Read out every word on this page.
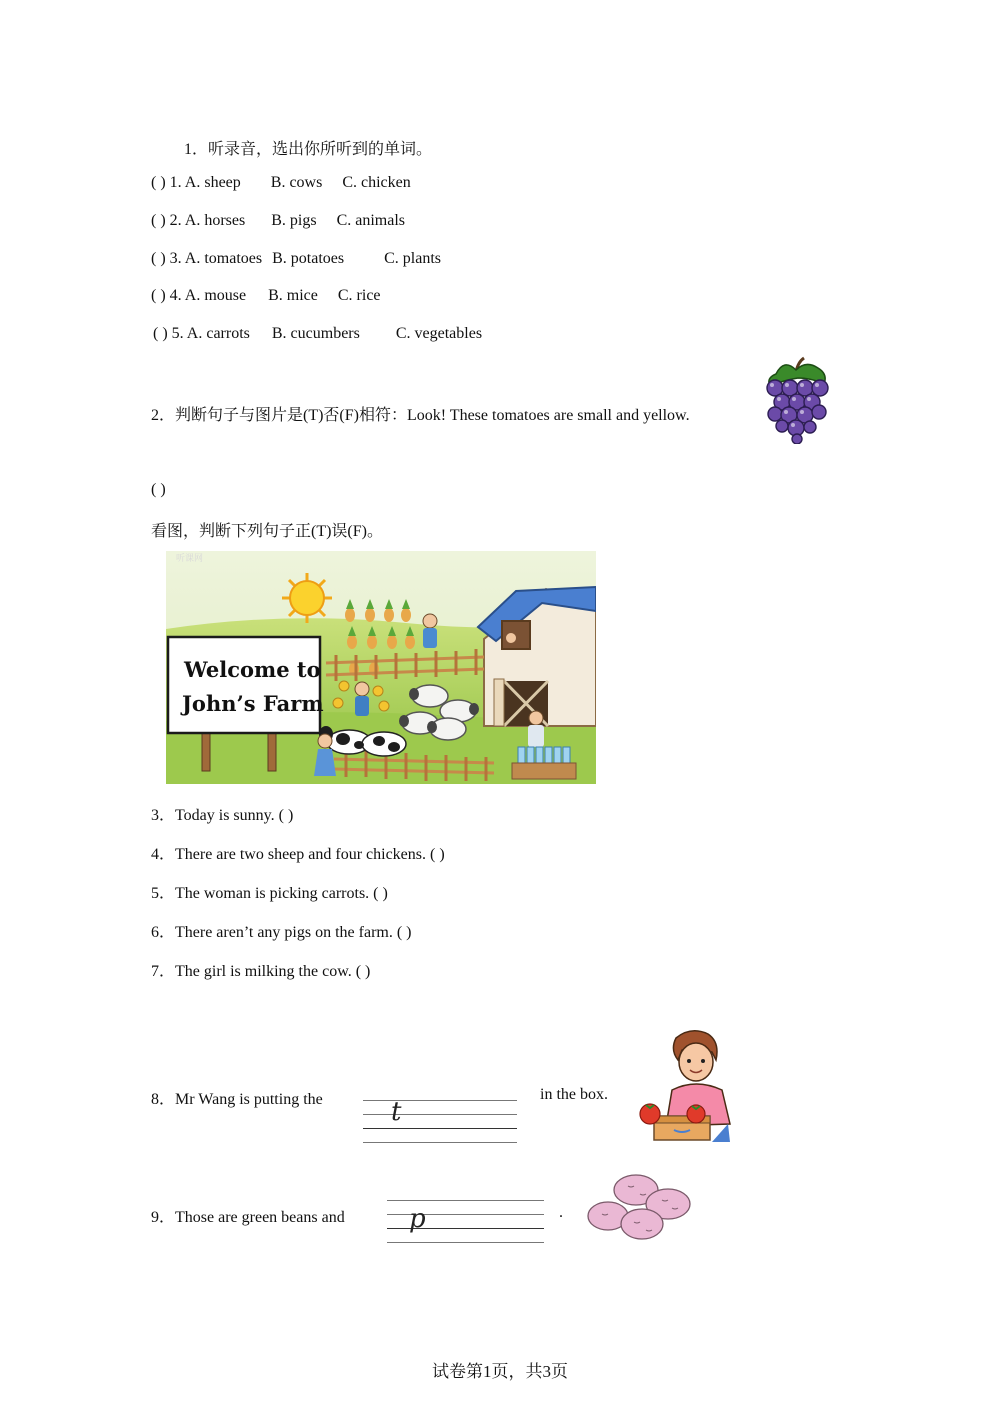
1．听录音，选出你所听到的单词。
( ) 1. A. sheep B. cows C. chicken
( ) 2. A. horses B. pigs C. animals
( ) 3. A. tomatoes B. potatoes	C. plants
( ) 4. A. mouse B. mice C. rice
( ) 5. A. carrots B. cucumbers C. vegetables
2．判断句子与图片是(T)否(F)相符：Look! These tomatoes are small and yellow.
( )
看图，判断下列句子正(T)误(F)。
Welcome to
John’s Farm
听课网
3．Today is sunny. ( )
4．There are two sheep and four chickens. ( )
5．The woman is picking carrots. ( )
6．There aren’t any pigs on the farm. ( )
7．The girl is milking the cow. ( )
8．Mr Wang is putting the	t
in the box.
9．Those are green beans and p	.
试卷第1页，共3页
